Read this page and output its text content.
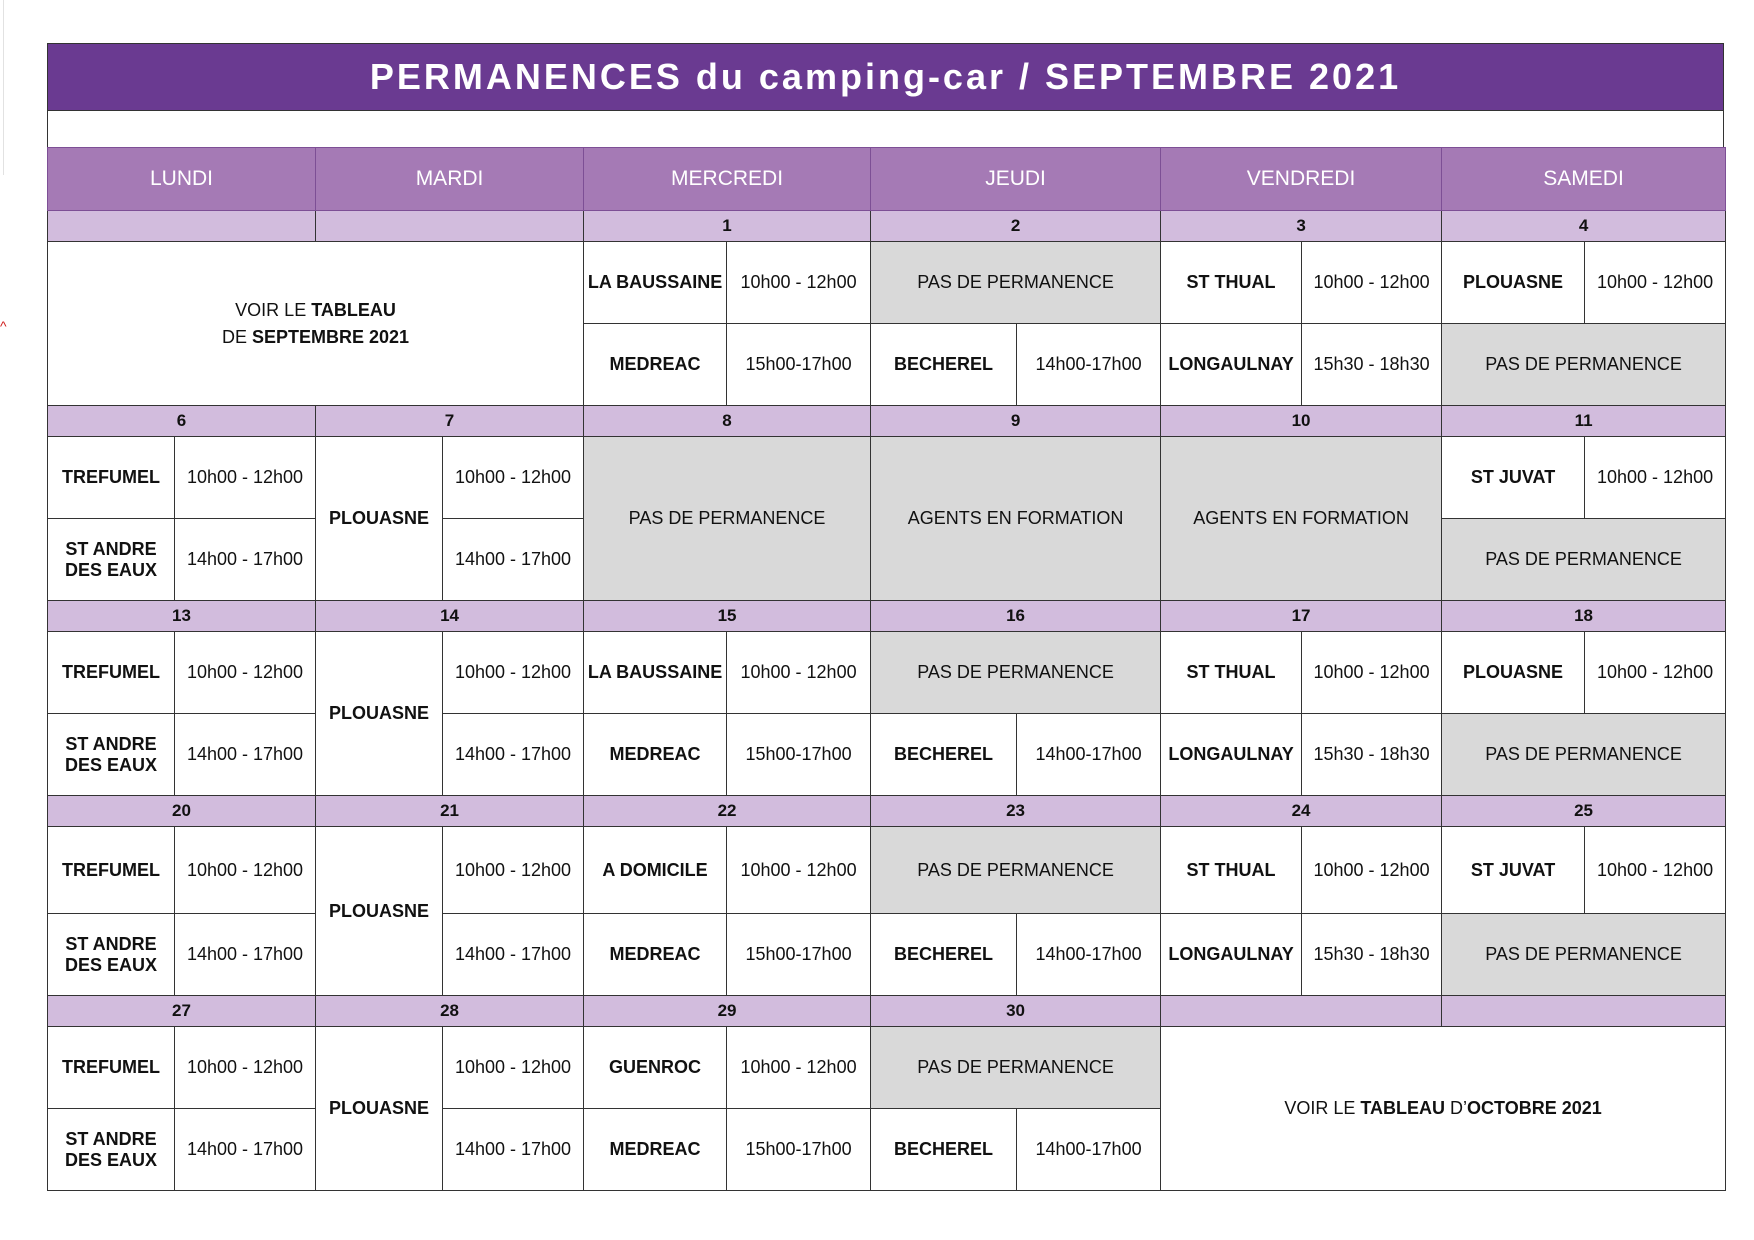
^
PERMANENCES du camping-car / SEPTEMBRE 2021
LUNDI		MARDI		MERCREDI		JEUDI		VENDREDI		SAMEDI	
				1		2		3		4	
VOIR LE TABLEAU
DE SEPTEMBRE 2021				LA BAUSSAINE	10h00 - 12h00	PAS DE PERMANENCE		ST THUAL	10h00 - 12h00	PLOUASNE	10h00 - 12h00
				MEDREAC	15h00-17h00	BECHEREL	14h00-17h00	LONGAULNAY	15h30 - 18h30	PAS DE PERMANENCE	
6		7		8		9		10		11	
TREFUMEL	10h00 - 12h00	PLOUASNE	10h00 - 12h00	PAS DE PERMANENCE		AGENTS EN FORMATION		AGENTS EN FORMATION		ST JUVAT	10h00 - 12h00
ST ANDRE DES EAUX	14h00 - 17h00		14h00 - 17h00							PAS DE PERMANENCE	
13		14		15		16		17		18	
TREFUMEL	10h00 - 12h00	PLOUASNE	10h00 - 12h00	LA BAUSSAINE	10h00 - 12h00	PAS DE PERMANENCE		ST THUAL	10h00 - 12h00	PLOUASNE	10h00 - 12h00
ST ANDRE DES EAUX	14h00 - 17h00		14h00 - 17h00	MEDREAC	15h00-17h00	BECHEREL	14h00-17h00	LONGAULNAY	15h30 - 18h30	PAS DE PERMANENCE	
20		21		22		23		24		25	
TREFUMEL	10h00 - 12h00	PLOUASNE	10h00 - 12h00	A DOMICILE	10h00 - 12h00	PAS DE PERMANENCE		ST THUAL	10h00 - 12h00	ST JUVAT	10h00 - 12h00
ST ANDRE DES EAUX	14h00 - 17h00		14h00 - 17h00	MEDREAC	15h00-17h00	BECHEREL	14h00-17h00	LONGAULNAY	15h30 - 18h30	PAS DE PERMANENCE	
27		28		29		30					
TREFUMEL	10h00 - 12h00	PLOUASNE	10h00 - 12h00	GUENROC	10h00 - 12h00	PAS DE PERMANENCE		VOIR LE TABLEAU D’OCTOBRE 2021			
ST ANDRE DES EAUX	14h00 - 17h00		14h00 - 17h00	MEDREAC	15h00-17h00	BECHEREL	14h00-17h00				
